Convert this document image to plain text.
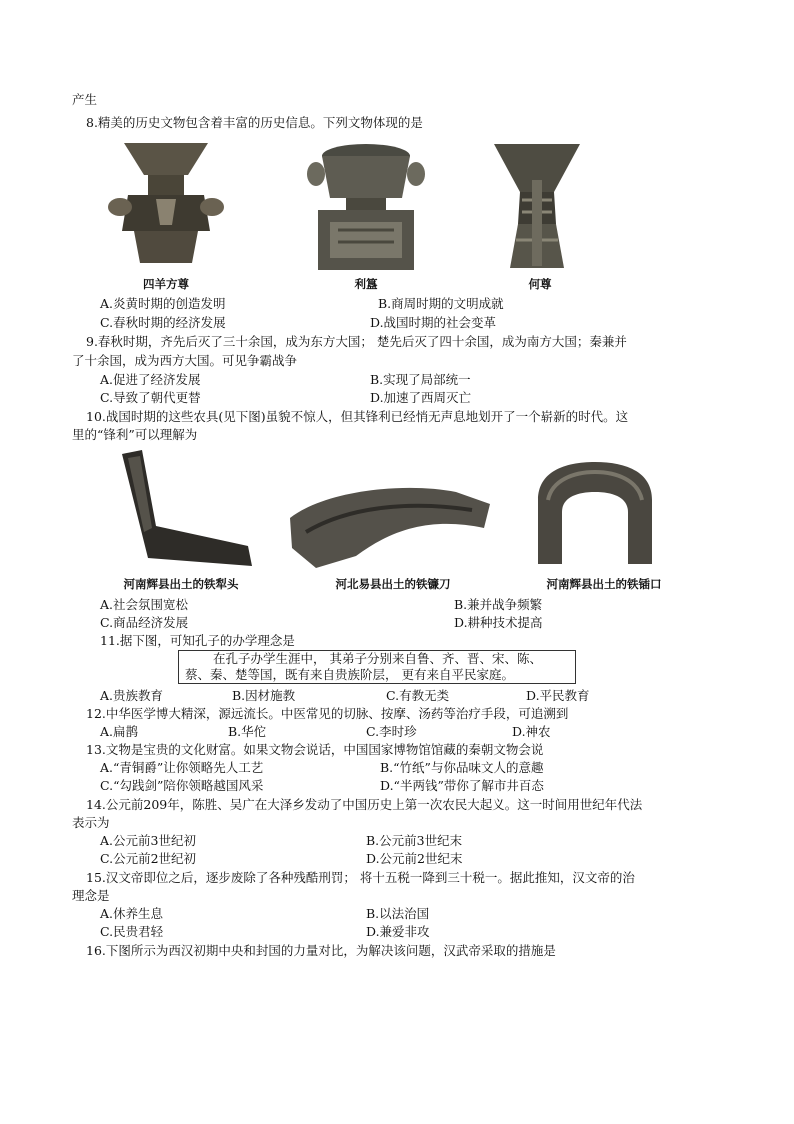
产生
8.精美的历史文物包含着丰富的历史信息。下列文物体现的是
四羊方尊	利簋	何尊
A.炎黄时期的创造发明	B.商周时期的文明成就
C.春秋时期的经济发展	D.战国时期的社会变革
9.春秋时期，齐先后灭了三十余国，成为东方大国； 楚先后灭了四十余国，成为南方大国；秦兼并
了十余国，成为西方大国。可见争霸战争
A.促进了经济发展	B.实现了局部统一
C.导致了朝代更替	D.加速了西周灭亡
10.战国时期的这些农具(见下图)虽貌不惊人，但其锋利已经悄无声息地划开了一个崭新的时代。这
里的“锋利”可以理解为
河南辉县出土的铁犁头	河北易县出土的铁镰刀	河南辉县出土的铁锸口
A.社会氛围宽松	B.兼并战争频繁
C.商品经济发展	D.耕种技术提高
11.据下图，可知孔子的办学理念是
在孔子办学生涯中， 其弟子分别来自鲁、齐、晋、宋、陈、
蔡、秦、楚等国，既有来自贵族阶层， 更有来自平民家庭。
A.贵族教育	B.因材施教	C.有教无类	D.平民教育
12.中华医学博大精深，源远流长。中医常见的切脉、按摩、汤药等治疗手段，可追溯到
A.扁鹊	B.华佗	C.李时珍	D.神农
13.文物是宝贵的文化财富。如果文物会说话，中国国家博物馆馆藏的秦朝文物会说
A.“青铜爵”让你领略先人工艺	B.“竹纸”与你品味文人的意趣
C.“勾践剑”陪你领略越国风采	D.“半两钱”带你了解市井百态
14.公元前209年，陈胜、吴广在大泽乡发动了中国历史上第一次农民大起义。这一时间用世纪年代法
表示为
A.公元前3世纪初	B.公元前3世纪末
C.公元前2世纪初	D.公元前2世纪末
15.汉文帝即位之后，逐步废除了各种残酷刑罚； 将十五税一降到三十税一。据此推知，汉文帝的治
理念是
A.休养生息	B.以法治国
C.民贵君轻	D.兼爱非攻
16.下图所示为西汉初期中央和封国的力量对比，为解决该问题，汉武帝采取的措施是
